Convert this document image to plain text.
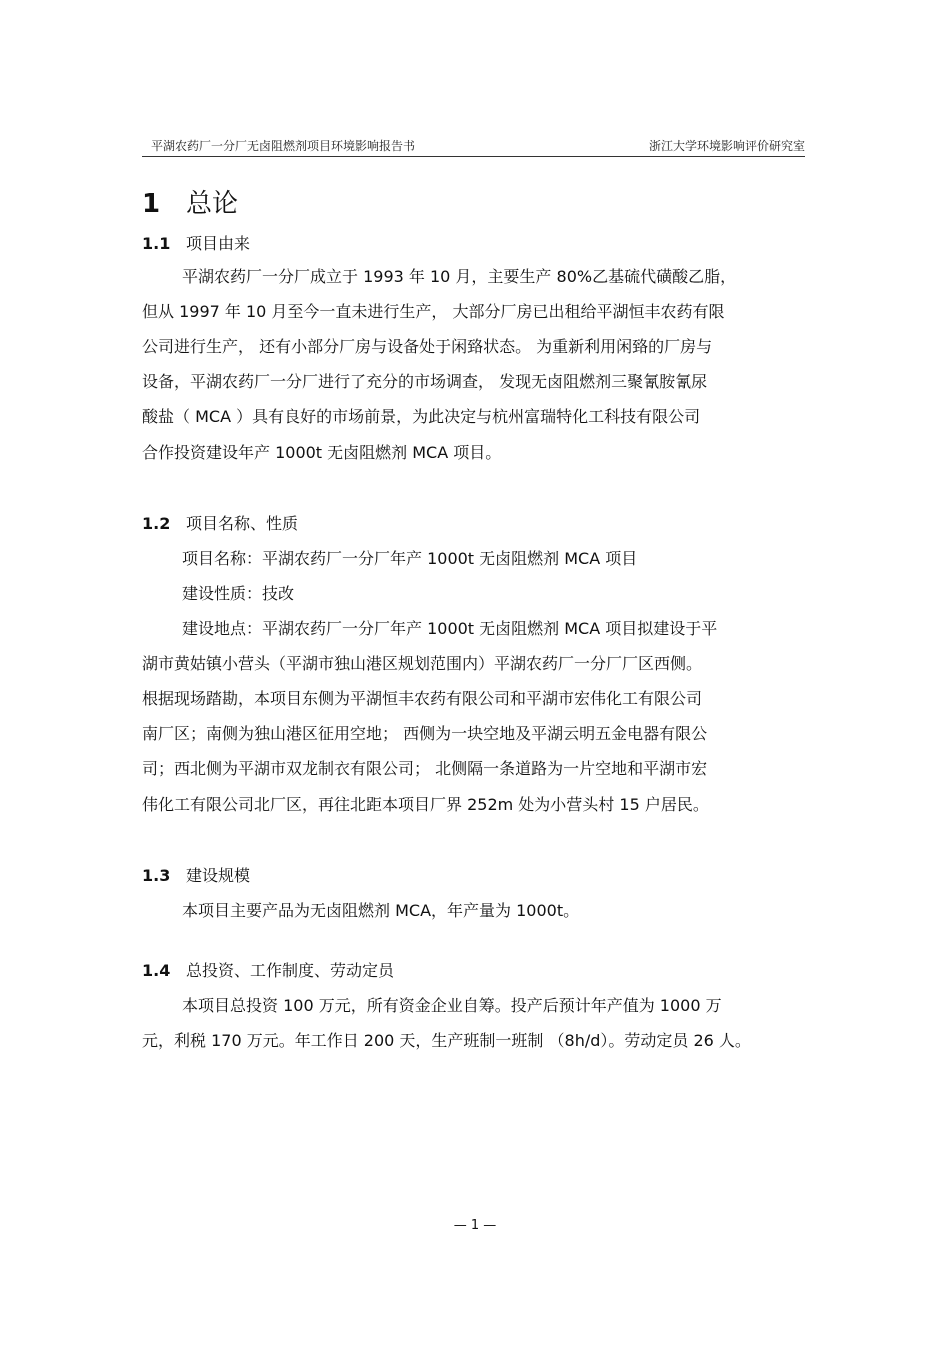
平湖农药厂一分厂无卤阻燃剂项目环境影响报告书	浙江大学环境影响评价研究室
1 总论
1.1 项目由来
平湖农药厂一分厂成立于 1993 年 10 月，主要生产 80%乙基硫代磺酸乙脂，
但从 1997 年 10 月至今一直未进行生产， 大部分厂房已出租给平湖恒丰农药有限
公司进行生产， 还有小部分厂房与设备处于闲臵状态。 为重新利用闲臵的厂房与
设备，平湖农药厂一分厂进行了充分的市场调查， 发现无卤阻燃剂三聚氰胺氰尿
酸盐（ MCA ）具有良好的市场前景，为此决定与杭州富瑞特化工科技有限公司
合作投资建设年产 1000t 无卤阻燃剂 MCA 项目。
1.2 项目名称、性质
项目名称：平湖农药厂一分厂年产 1000t 无卤阻燃剂 MCA 项目
建设性质：技改
建设地点：平湖农药厂一分厂年产 1000t 无卤阻燃剂 MCA 项目拟建设于平
湖市黄姑镇小营头（平湖市独山港区规划范围内）平湖农药厂一分厂厂区西侧。
根据现场踏勘，本项目东侧为平湖恒丰农药有限公司和平湖市宏伟化工有限公司
南厂区；南侧为独山港区征用空地； 西侧为一块空地及平湖云明五金电器有限公
司；西北侧为平湖市双龙制衣有限公司； 北侧隔一条道路为一片空地和平湖市宏
伟化工有限公司北厂区，再往北距本项目厂界 252m 处为小营头村 15 户居民。
1.3 建设规模
本项目主要产品为无卤阻燃剂 MCA，年产量为 1000t。
1.4 总投资、工作制度、劳动定员
本项目总投资 100 万元，所有资金企业自筹。投产后预计年产值为 1000 万
元，利税 170 万元。年工作日 200 天，生产班制一班制 （8h/d）。劳动定员 26 人。
— 1 —
